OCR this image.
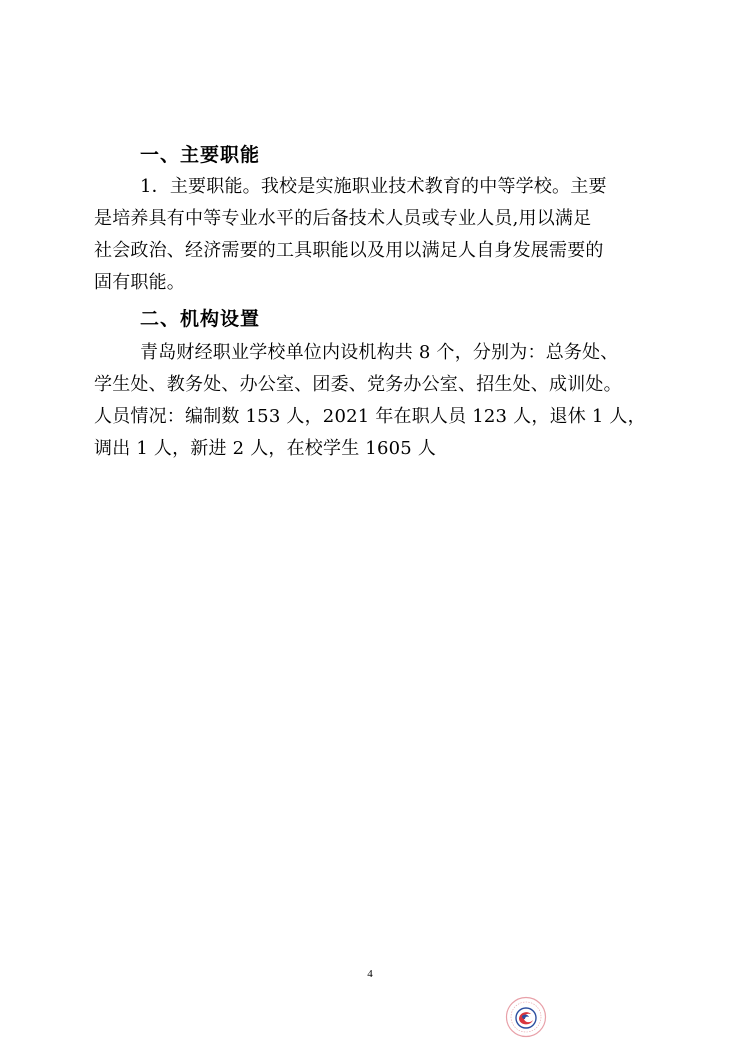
一、主要职能
1．主要职能。我校是实施职业技术教育的中等学校。主要
是培养具有中等专业水平的后备技术人员或专业人员,用以满足
社会政治、经济需要的工具职能以及用以满足人自身发展需要的
固有职能。
二、机构设置
青岛财经职业学校单位内设机构共 8 个，分别为：总务处、
学生处、教务处、办公室、团委、党务办公室、招生处、成训处。
人员情况：编制数 153 人，2021 年在职人员 123 人，退休 1 人，
调出 1 人，新进 2 人，在校学生 1605 人
4
